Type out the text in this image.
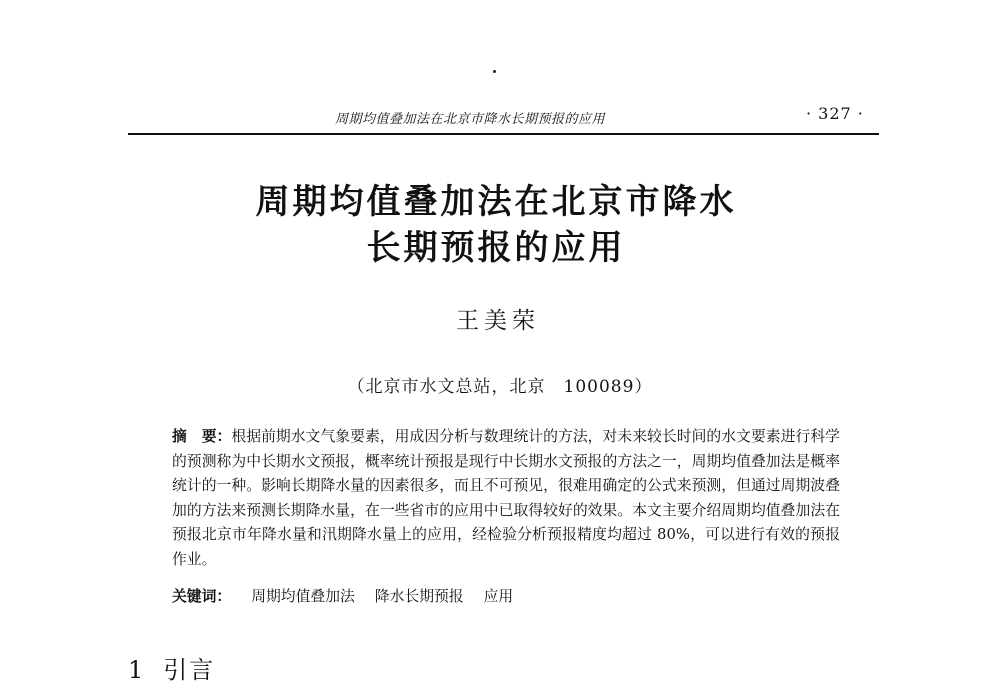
周期均值叠加法在北京市降水长期预报的应用	· 327 ·
周期均值叠加法在北京市降水
长期预报的应用
王美荣
（北京市水文总站，北京　100089）
摘　要：根据前期水文气象要素，用成因分析与数理统计的方法，对未来较长时间的水文要素进行科学的预测称为中长期水文预报，概率统计预报是现行中长期水文预报的方法之一，周期均值叠加法是概率统计的一种。影响长期降水量的因素很多，而且不可预见，很难用确定的公式来预测，但通过周期波叠加的方法来预测长期降水量，在一些省市的应用中已取得较好的效果。本文主要介绍周期均值叠加法在预报北京市年降水量和汛期降水量上的应用，经检验分析预报精度均超过 80%，可以进行有效的预报作业。
关键词： 周期均值叠加法 降水长期预报 应用
1 引言
